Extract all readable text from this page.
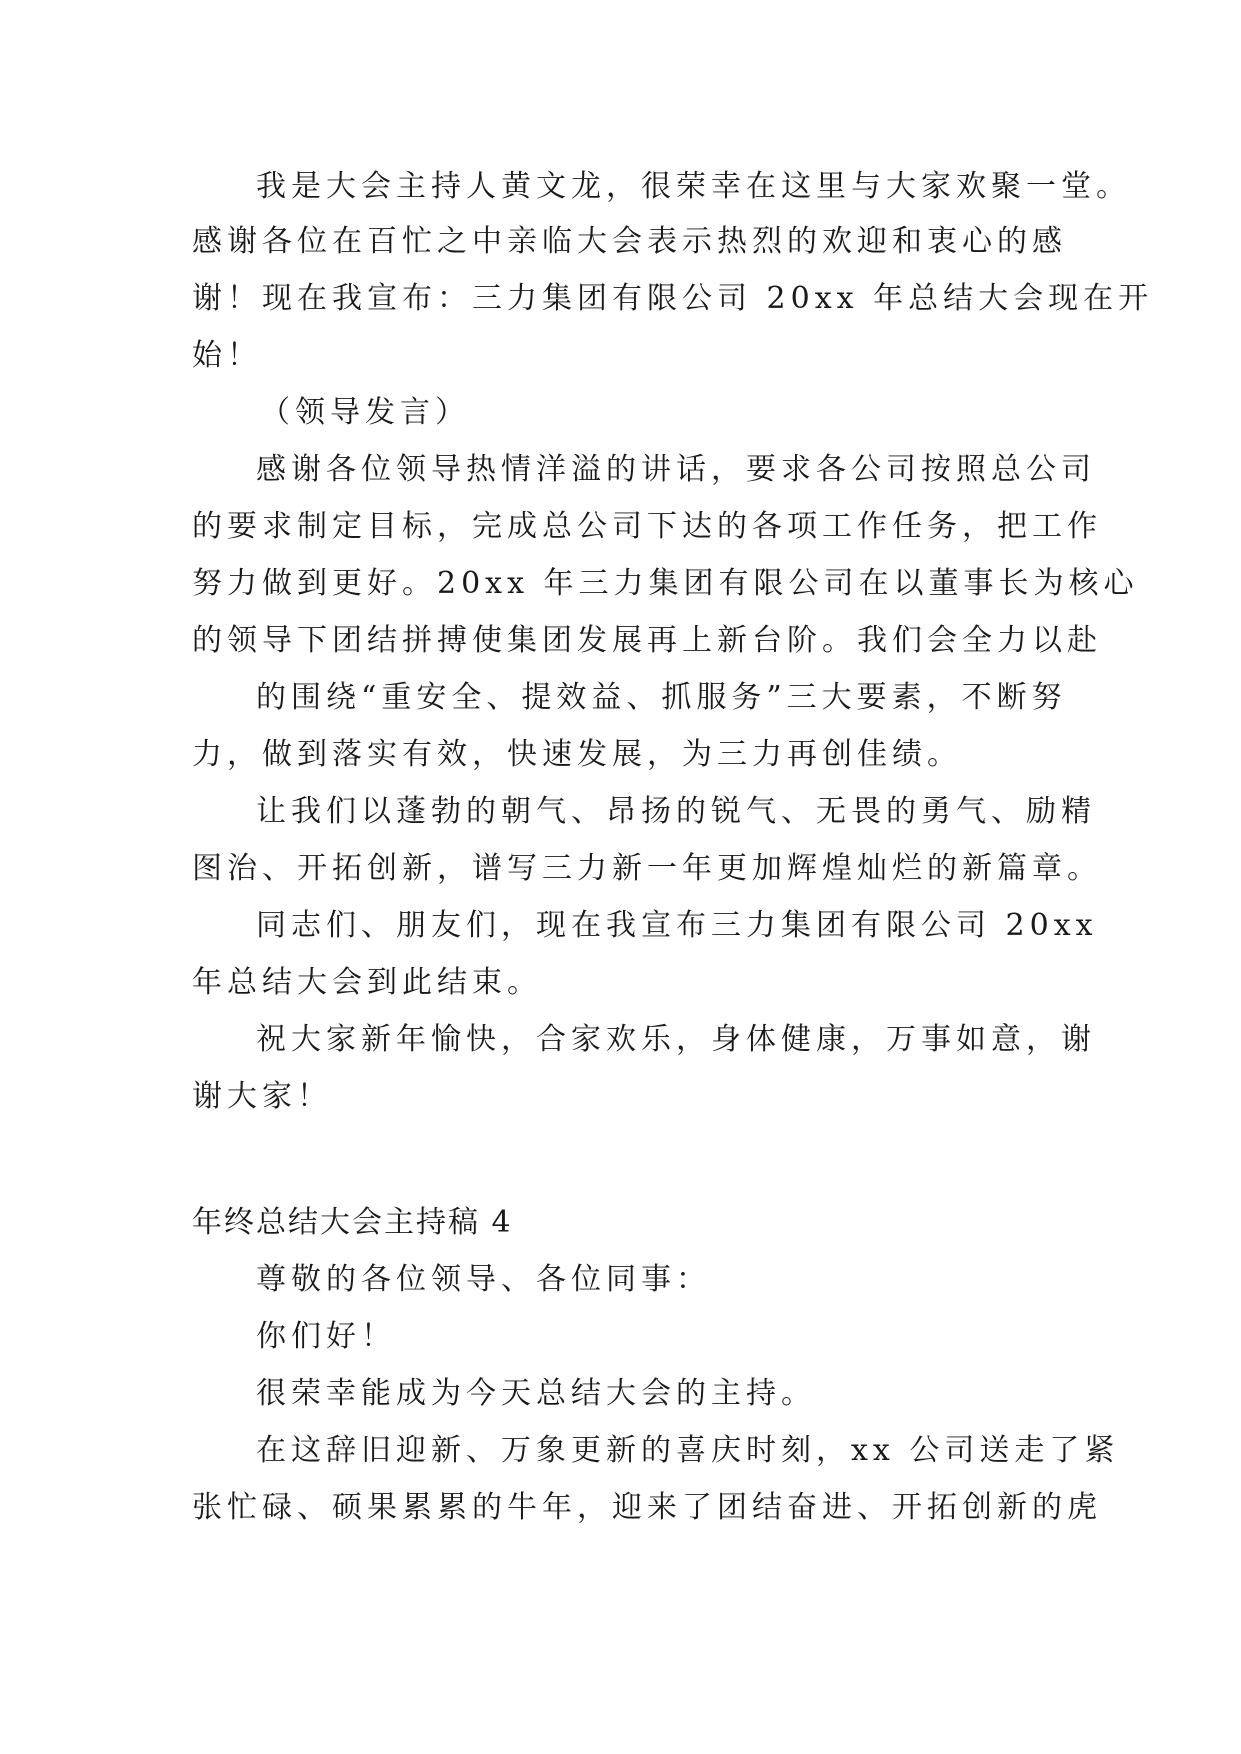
我是大会主持人黄文龙，很荣幸在这里与大家欢聚一堂。
感谢各位在百忙之中亲临大会表示热烈的欢迎和衷心的感
谢！现在我宣布：三力集团有限公司 20xx 年总结大会现在开
始！
（领导发言）
感谢各位领导热情洋溢的讲话，要求各公司按照总公司
的要求制定目标，完成总公司下达的各项工作任务，把工作
努力做到更好。20xx 年三力集团有限公司在以董事长为核心
的领导下团结拼搏使集团发展再上新台阶。我们会全力以赴
的围绕“重安全、提效益、抓服务”三大要素，不断努
力，做到落实有效，快速发展，为三力再创佳绩。
让我们以蓬勃的朝气、昂扬的锐气、无畏的勇气、励精
图治、开拓创新，谱写三力新一年更加辉煌灿烂的新篇章。
同志们、朋友们，现在我宣布三力集团有限公司 20xx
年总结大会到此结束。
祝大家新年愉快，合家欢乐，身体健康，万事如意，谢
谢大家！
年终总结大会主持稿 4
尊敬的各位领导、各位同事：
你们好！
很荣幸能成为今天总结大会的主持。
在这辞旧迎新、万象更新的喜庆时刻，xx 公司送走了紧
张忙碌、硕果累累的牛年，迎来了团结奋进、开拓创新的虎
